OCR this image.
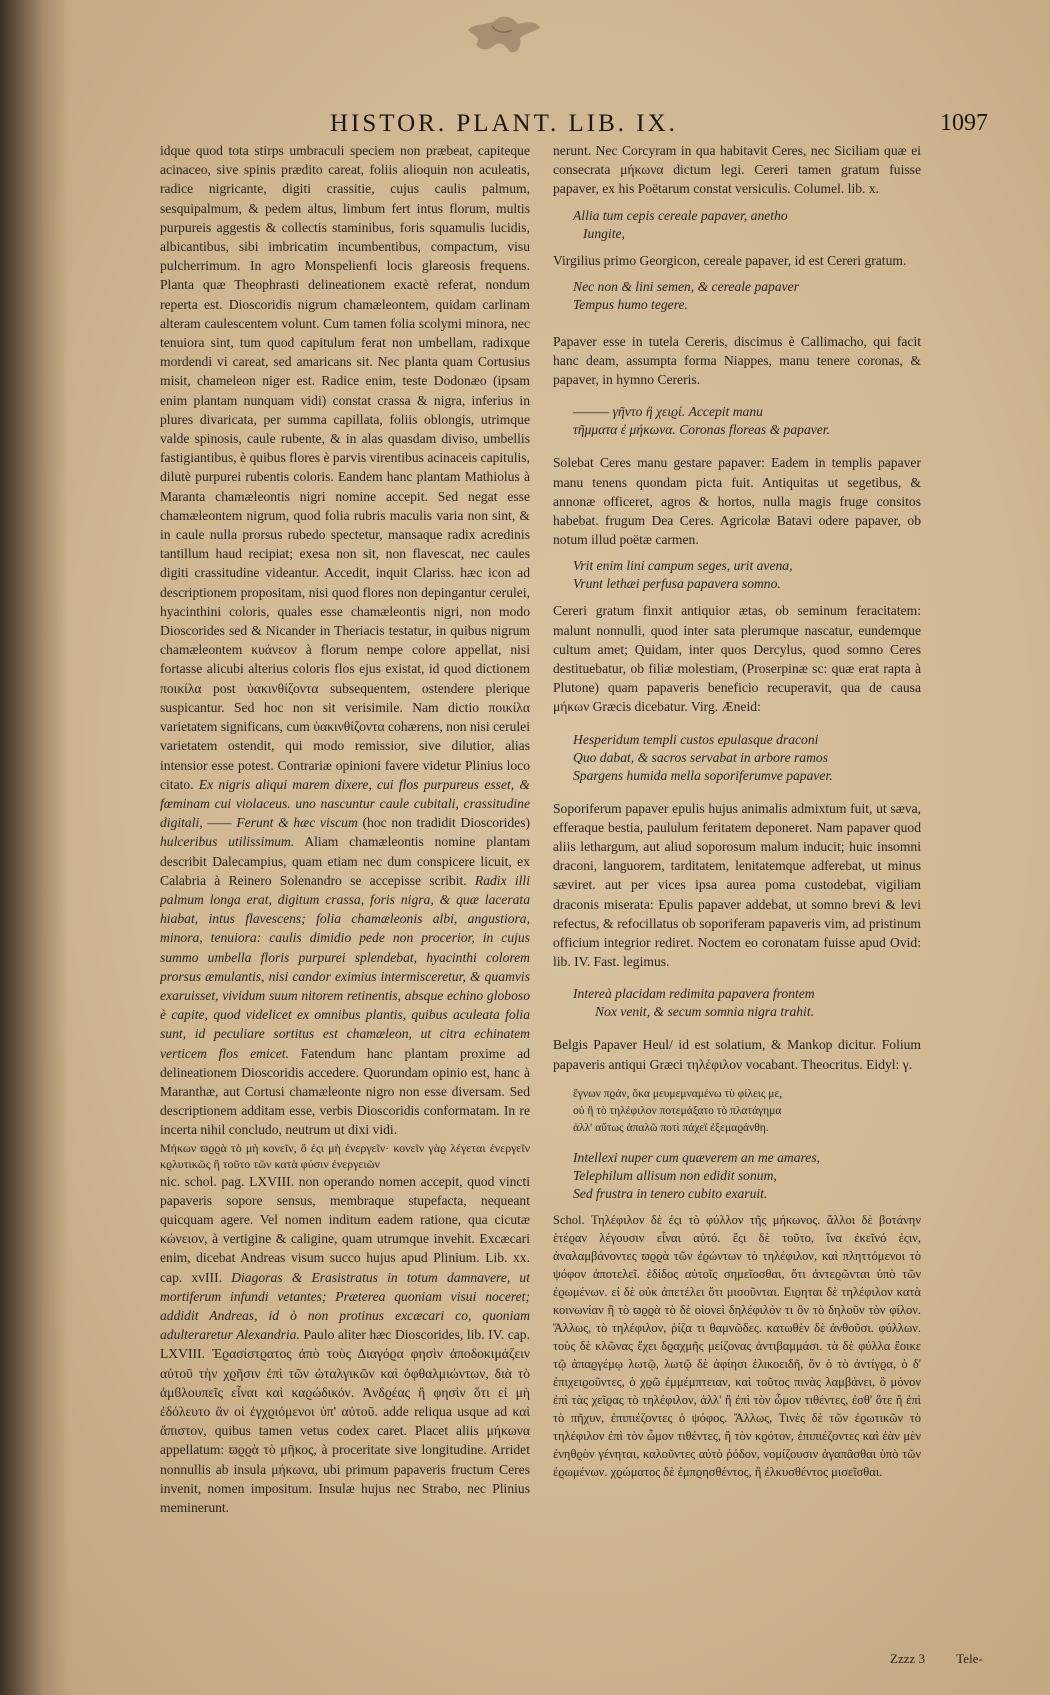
HISTOR. PLANT. LIB. IX.	1097

idque quod tota stirps umbraculi speciem non præbeat, capiteque acinaceo, sive spinis prædito careat, foliis alioquin non aculeatis, radice nigricante, digiti crassitie, cujus caulis palmum, sesquipalmum, & pedem altus, limbum fert intus florum, multis purpureis aggestis & collectis staminibus, foris squamulis lucidis, albicantibus, sibi imbricatim incumbentibus, compactum, visu pulcherrimum. In agro Monspelienfi locis glareosis frequens. Planta quæ Theophrasti delineationem exactè referat, nondum reperta est. Dioscoridis nigrum chamæleontem, quidam carlinam alteram caulescentem volunt. Cum tamen folia scolymi minora, nec tenuiora sint, tum quod capitulum ferat non umbellam, radixque mordendi vi careat, sed amaricans sit. Nec planta quam Cortusius misit, chameleon niger est. Radice enim, teste Dodonæo (ipsam enim plantam nunquam vidi) constat crassa & nigra, inferius in plures divaricata, per summa capillata, foliis oblongis, utrimque valde spinosis, caule rubente, & in alas quasdam diviso, umbellis fastigiantibus, è quibus flores è parvis virentibus acinaceis capitulis, dilutè purpurei rubentis coloris. Eandem hanc plantam Mathiolus à Maranta chamæleontis nigri nomine accepit. Sed negat esse chamæleontem nigrum, quod folia rubris maculis varia non sint, & in caule nulla prorsus rubedo spectetur, mansaque radix acredinis tantillum haud recipiat; exesa non sit, non flavescat, nec caules digiti crassitudine videantur. Accedit, inquit Clariss. hæc icon ad descriptionem propositam, nisi quod flores non depingantur cerulei, hyacinthini coloris, quales esse chamæleontis nigri, non modo Dioscorides sed & Nicander in Theriacis testatur, in quibus nigrum chamæleontem κυάνεον à florum nempe colore appellat, nisi fortasse alicubi alterius coloris flos ejus existat, id quod dictionem ποικίλα post ὑακινθίζοντα subsequentem, ostendere plerique suspicantur. Sed hoc non sit verisimile. Nam dictio ποικίλα varietatem significans, cum ὑακινθίζοντα cohærens, non nisi cerulei varietatem ostendit, qui modo remissior, sive dilutior, alias intensior esse potest. Contrariæ opinioni favere videtur Plinius loco citato. Ex nigris aliqui marem dixere, cui flos purpureus esset, & fœminam cui violaceus. uno nascuntur caule cubitali, crassitudine digitali, —— Ferunt & hæc viscum (hoc non tradidit Dioscorides) hulceribus utilissimum. Aliam chamæleontis nomine plantam describit Dalecampius, quam etiam nec dum conspicere licuit, ex Calabria à Reinero Solenandro se accepisse scribit. Radix illi palmum longa erat, digitum crassa, foris nigra, & quæ lacerata hiabat, intus flavescens; folia chamæleonis albi, angustiora, minora, tenuiora: caulis dimidio pede non procerior, in cujus summo umbella floris purpurei splendebat, hyacinthi colorem prorsus æmulantis, nisi candor eximius intermisceretur, & quamvis exaruisset, vividum suum nitorem retinentis, absque echino globoso è capite, quod videlicet ex omnibus plantis, quibus aculeata folia sunt, id peculiare sortitus est chamæleon, ut citra echinatem verticem flos emicet. Fatendum hanc plantam proxime ad delineationem Dioscoridis accedere. Quorundam opinio est, hanc à Maranthæ, aut Cortusi chamæleonte nigro non esse diversam. Sed descriptionem additam esse, verbis Dioscoridis conformatam. In re incerta nihil concludo, neutrum ut dixi vidi.

Μήκων ϖϱϱὰ τὸ μὴ κονεῖν, ὅ ἐςι μὴ ἐνεργεῖν· κονεῖν γὰϱ λέγεται ἐνεργεῖν κϱλυτικῶς ἢ τοῦτο τῶν κατὰ φύσιν ἐνεργειῶν

nic. schol. pag. LXVIII. non operando nomen accepit, quod vincti papaveris sopore sensus, membraque stupefacta, nequeant quicquam agere. Vel nomen inditum eadem ratione, qua cicutæ κώνειον, à vertigine & caligine, quam utrumque invehit. Excæcari enim, dicebat Andreas visum succo hujus apud Plinium. Lib. xx. cap. xvIII. Diagoras & Erasistratus in totum damnavere, ut mortiferum infundi vetantes; Præterea quoniam visui noceret; addidit Andreas, id ò non protinus excæcari co, quoniam adulteraretur Alexandria. Paulo aliter hæc Dioscorides, lib. IV. cap. LXVIII. Ἐϱασίστϱατος ἀπὸ τοὺς Διαγόϱα φησὶν ἀποδοκιμάζειν αὐτοῦ τὴν χϱῆσιν ἐπὶ τῶν ὠταλγικῶν καὶ ὀφθαλμιώντων, διὰ τὸ ἀμϐλουπεῖς εἶναι καὶ καϱώδικόν. Ἀνδϱέας ἢ φησὶν ὅτι εἰ μὴ ἐδόλευτο ἂν οἱ ἐγχϱιόμενοι ὑπ' αὐτοῦ. adde reliqua usque ad καὶ ἄπιστον, quibus tamen vetus codex caret. Placet aliis μήκωνα appellatum: ϖϱϱὰ τὸ μῆκος, à proceritate sive longitudine. Arridet nonnullis ab insula μήκωνα, ubi primum papaveris fructum Ceres invenit, nomen impositum. Insulæ hujus nec Strabo, nec Plinius meminerunt.

nerunt. Nec Corcyram in qua habitavit Ceres, nec Siciliam quæ ei consecrata μήκωνα dictum legi. Cereri tamen gratum fuisse papaver, ex his Poëtarum constat versiculis. Columel. lib. x.

Allia tum cepis cereale papaver, anetho
Iungite,

Virgilius primo Georgicon, cereale papaver, id est Cereri gratum.

Nec non & lini semen, & cereale papaver
Tempus humo tegere.

Papaver esse in tutela Cereris, discimus è Callimacho, qui facit hanc deam, assumpta forma Niappes, manu tenere coronas, & papaver, in hymno Cereris.

——— γῆντο ἢ χειϱί. Accepit manu
τῆμματα ἐ μήκωνα. Coronas floreas & papaver.

Solebat Ceres manu gestare papaver: Eadem in templis papaver manu tenens quondam picta fuit. Antiquitas ut segetibus, & annonæ officeret, agros & hortos, nulla magis fruge consitos habebat. frugum Dea Ceres. Agricolæ Batavi odere papaver, ob notum illud poëtæ carmen.

Vrit enim lini campum seges, urit avena,
Vrunt lethæi perfusa papavera somno.

Cereri gratum finxit antiquior ætas, ob seminum feracitatem: malunt nonnulli, quod inter sata plerumque nascatur, eundemque cultum amet; Quidam, inter quos Dercylus, quod somno Ceres destituebatur, ob filiæ molestiam, (Proserpinæ sc: quæ erat rapta à Plutone) quam papaveris beneficio recuperavit, qua de causa μήκων Græcis dicebatur. Virg. Æneid:

Hesperidum templi custos epulasque draconi
Quo dabat, & sacros servabat in arbore ramos
Spargens humida mella soporiferumve papaver.

Soporiferum papaver epulis hujus animalis admixtum fuit, ut sæva, efferaque bestia, paululum feritatem deponeret. Nam papaver quod aliis lethargum, aut aliud soporosum malum inducit; huic insomni draconi, languorem, tarditatem, lenitatemque adferebat, ut minus sæviret. aut per vices ipsa aurea poma custodebat, vigiliam draconis miserata: Epulis papaver addebat, ut somno brevi & levi refectus, & refocillatus ob soporiferam papaveris vim, ad pristinum officium integrior rediret. Noctem eo coronatam fuisse apud Ovid: lib. IV. Fast. legimus.

Intereà placidam redimita papavera frontem
Nox venit, & secum somnia nigra trahit.

Belgis Papaver Heul/ id est solatium, & Mankop dicitur. Folium papaveris antiqui Græci τηλέφιλον vocabant. Theocritus. Eidyl: γ.

ἔγνων πϱάν, ὄκα μευμεμναμένω τὺ φίλεις με,
οὐ ἢ τὸ τηλέφιλον ποτεμάξατο τὸ πλατάγημα
ἀλλ' αὔτως ἁπαλῶ ποτὶ πάχεϊ ἐξεμαϱάνθη.
Intellexi nuper cum quæverem an me amares,
Telephilum allisum non edidit sonum,
Sed frustra in tenero cubito exaruit.

Schol. Τηλέφιλον δὲ ἐςι τὸ φύλλον τῆς μήκωνος. ἄλλοι δὲ βοτάνην ἑτέϱαν λέγουσιν εἶναι αὐτό. ἔςι δὲ τοῦτο, ἵνα ἐκεῖνό ἐςιν, ἀναλαμβάνοντες ϖϱϱὰ τῶν ἐϱώντων τὸ τηλέφιλον, καὶ πληττόμενοι τὸ ψόφον ἀποτελεῖ. ἐδίδος αὐτοῖς σημεῖοσθαι, ὅτι ἀντεϱῶνται ὑπὸ τῶν ἐϱωμένων. εἰ δὲ οὐκ ἀπετέλει ὅτι μισοῦνται. Ειϱηται δὲ τηλέφιλον κατὰ κοινωνίαν ἢ τὸ ϖϱϱὰ τὸ δὲ οἰονεὶ δηλέφιλόν τι ὂν τὸ δηλοῦν τὸν φίλον. Ἄλλως, τὸ τηλέφιλον, ῥίζα τι θαμνῶδες. κατωθὲν δὲ ἀνθοῦσι. φύλλων. τοὺς δὲ κλῶνας ἔχει δϱαχμῆς μείζονας ἀντιβαμμάσι. τὰ δὲ φύλλα ἔοικε τῷ ἀπαϱγέμῳ λωτῷ, λωτῷ δὲ ἀφίησι ἑλικοειδῆ, ὅν ὁ τὸ ἀντίγϱα, ὁ δ' ἐπιχειϱοῦντες, ὁ χϱῶ ἐμμέμπτειαν, καὶ τοῦτος πινὰς λαμβάνει, ὃ μόνον ἐπὶ τὰς χεῖϱας τὸ τηλέφιλον, ἀλλ' ἢ ἐπὶ τὸν ὦμον τιθέντες, ἐσθ' ὅτε ἢ ἐπὶ τὸ πῆχυν, ἐπιπιέζοντες ὁ ψόφος. Ἄλλως, Τινὲς δὲ τῶν ἐϱωτικῶν τὸ τηλέφιλον ἐπὶ τὸν ὦμον τιθέντες, ἢ τὸν κϱότον, ἐπιπιέζοντες καὶ ἐὰν μὲν ἐνηθϱὸν γένηται, καλοῦντες αὐτὸ ῥόδον, νομίζουσιν ἀγαπᾶσθαι ὑπὸ τῶν ἐϱωμένων. χϱώματος δὲ ἐμπϱησθέντος, ἢ ἐλκυσθέντος μισεῖσθαι.

Zzzz 3 Tele-
